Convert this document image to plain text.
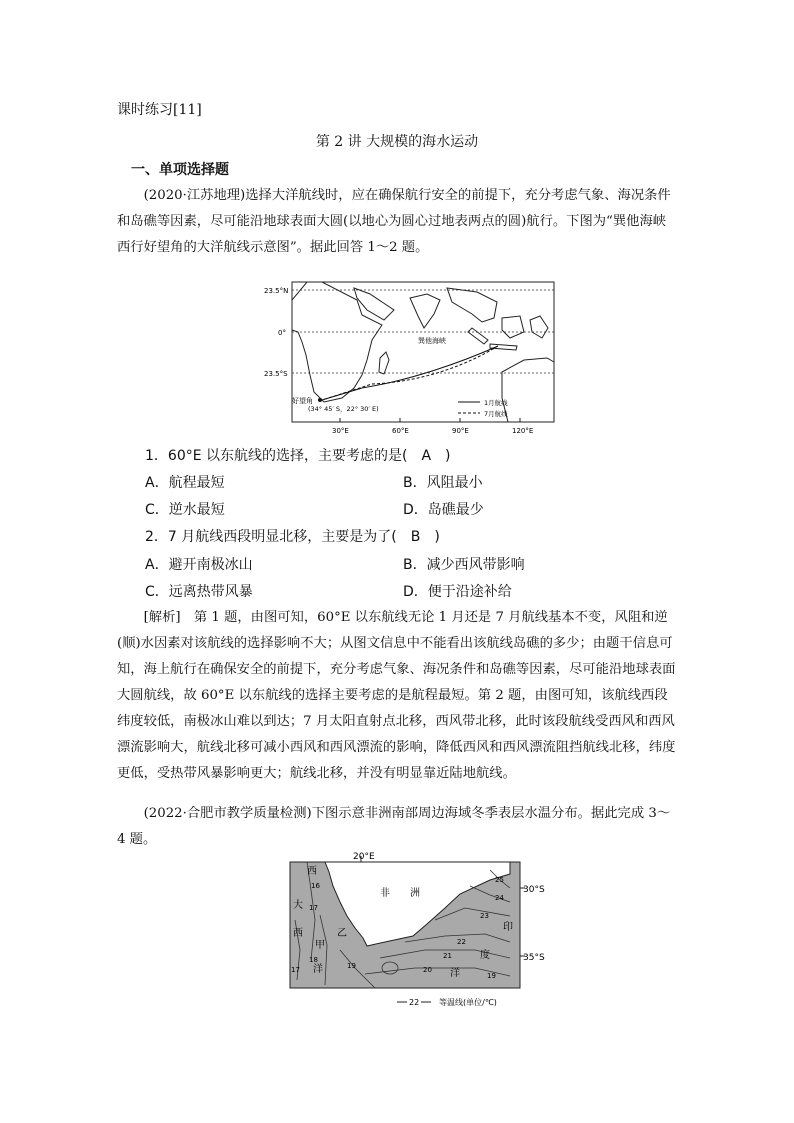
课时练习[11]
第 2 讲 大规模的海水运动
一、单项选择题
(2020·江苏地理)选择大洋航线时，应在确保航行安全的前提下，充分考虑气象、海况条件和岛礁等因素，尽可能沿地球表面大圆(以地心为圆心过地表两点的圆)航行。下图为“巽他海峡西行好望角的大洋航线示意图”。据此回答 1～2 题。
23.5°N
0°
23.5°S
巽他海峡
好望角
(34° 45′ S，22° 30′ E)
1月航线
7月航线
30°E	60°E	90°E	120°E
1．60°E 以东航线的选择，主要考虑的是(　A　)
A．航程最短	B．风阻最小
C．逆水最短	D．岛礁最少
2．7 月航线西段明显北移，主要是为了(　B　)
A．避开南极冰山	B．减少西风带影响
C．远离热带风暴	D．便于沿途补给
[解析]　第 1 题，由图可知，60°E 以东航线无论 1 月还是 7 月航线基本不变，风阻和逆(顺)水因素对该航线的选择影响不大；从图文信息中不能看出该航线岛礁的多少；由题干信息可知，海上航行在确保安全的前提下，充分考虑气象、海况条件和岛礁等因素，尽可能沿地球表面大圆航线，故 60°E 以东航线的选择主要考虑的是航程最短。第 2 题，由图可知，该航线西段纬度较低，南极冰山难以到达；7 月太阳直射点北移，西风带北移，此时该段航线受西风和西风漂流影响大，航线北移可减小西风和西风漂流的影响，降低西风和西风漂流阻挡航线北移，纬度更低，受热带风暴影响更大；航线北移，并没有明显靠近陆地航线。
(2022·合肥市教学质量检测)下图示意非洲南部周边海域冬季表层水温分布。据此完成 3～4 题。
20°E
30°S
35°S
非　　洲
西
大
西
洋
印
度
洋
甲
乙
16
17
18
17	19
25
24
23
22
21
20
19
22 等温线(单位/℃)
